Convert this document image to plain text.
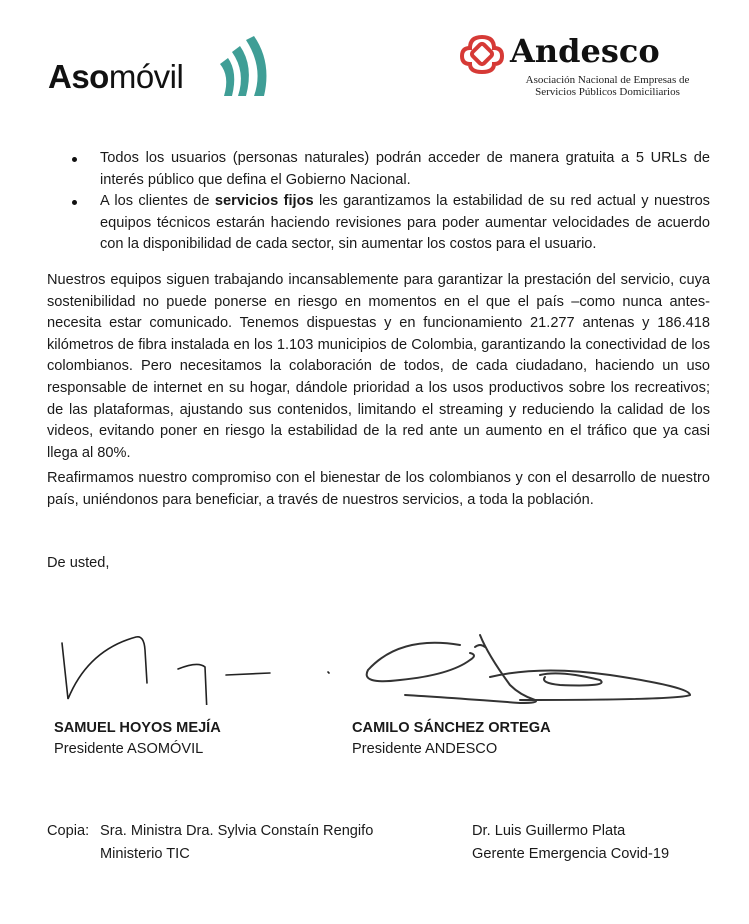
Asomóvil
Andesco
Asociación Nacional de Empresas de
Servicios Públicos Domiciliarios
Todos los usuarios (personas naturales) podrán acceder de manera gratuita a 5 URLs de interés público que defina el Gobierno Nacional.
A los clientes de servicios fijos les garantizamos la estabilidad de su red actual y nuestros equipos técnicos estarán haciendo revisiones para poder aumentar velocidades de acuerdo con la disponibilidad de cada sector, sin aumentar los costos para el usuario.
Nuestros equipos siguen trabajando incansablemente para garantizar la prestación del servicio, cuya sostenibilidad no puede ponerse en riesgo en momentos en el que el país –como nunca antes- necesita estar comunicado. Tenemos dispuestas y en funcionamiento 21.277 antenas y 186.418 kilómetros de fibra instalada en los 1.103 municipios de Colombia, garantizando la conectividad de los colombianos. Pero necesitamos la colaboración de todos, de cada ciudadano, haciendo un uso responsable de internet en su hogar, dándole prioridad a los usos productivos sobre los recreativos; de las plataformas, ajustando sus contenidos, limitando el streaming y reduciendo la calidad de los videos, evitando poner en riesgo la estabilidad de la red ante un aumento en el tráfico que ya casi llega al 80%.
Reafirmamos nuestro compromiso con el bienestar de los colombianos y con el desarrollo de nuestro país, uniéndonos para beneficiar, a través de nuestros servicios, a toda la población.
De usted,
SAMUEL HOYOS MEJÍA
Presidente ASOMÓVIL
CAMILO SÁNCHEZ ORTEGA
Presidente ANDESCO
Copia: Sra. Ministra Dra. Sylvia Constaín Rengifo
Ministerio TIC
Dr. Luis Guillermo Plata
Gerente Emergencia Covid-19
